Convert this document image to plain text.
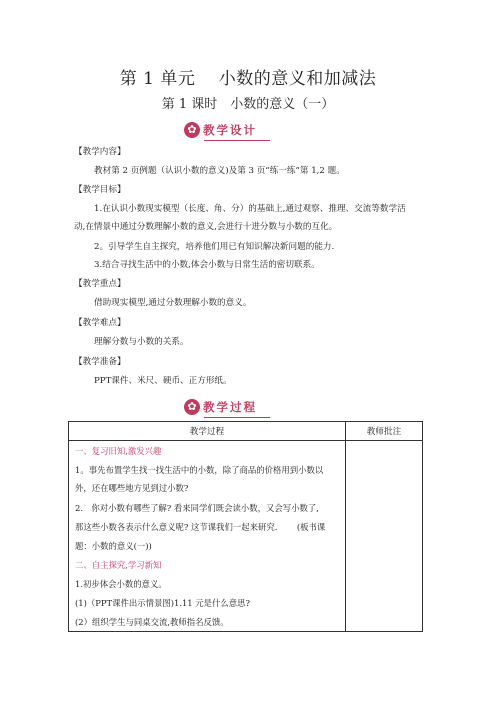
第 1 单元　 小数的意义和加减法
第 1 课时　小数的意义（一）
✿ 教学设计
【教学内容】
教材第 2 页例题（认识小数的意义)及第 3 页“练一练”第 1,2 题。
【教学目标】
1.在认识小数现实模型（长度、角、分）的基础上,通过观察、推理、交流等数学活
动,在情景中通过分数理解小数的意义,会进行十进分数与小数的互化。
2。引导学生自主探究，培养他们用已有知识解决新问题的能力.
3.结合寻找生活中的小数,体会小数与日常生活的密切联系。
【教学重点】
借助现实模型,通过分数理解小数的意义。
【教学难点】
理解分数与小数的关系。
【教学准备】
PPT课件、米尺、硬币、正方形纸。
✿ 教学过程
教学过程	教师批注
一、复习旧知,激发兴趣
1。事先布置学生找一找生活中的小数，除了商品的价格用到小数以
外，还在哪些地方见到过小数?
2.　你对小数有哪些了解? 看来同学们既会读小数，又会写小数了,
那这些小数各表示什么意义呢? 这节课我们一起来研究.　　 (板书课
题：小数的意义(一))
二、自主探究,学习新知
1.初步体会小数的意义。
(1)（PPT课件出示情景图)1.11 元是什么意思?
(2）组织学生与同桌交流,教师指名反馈。
